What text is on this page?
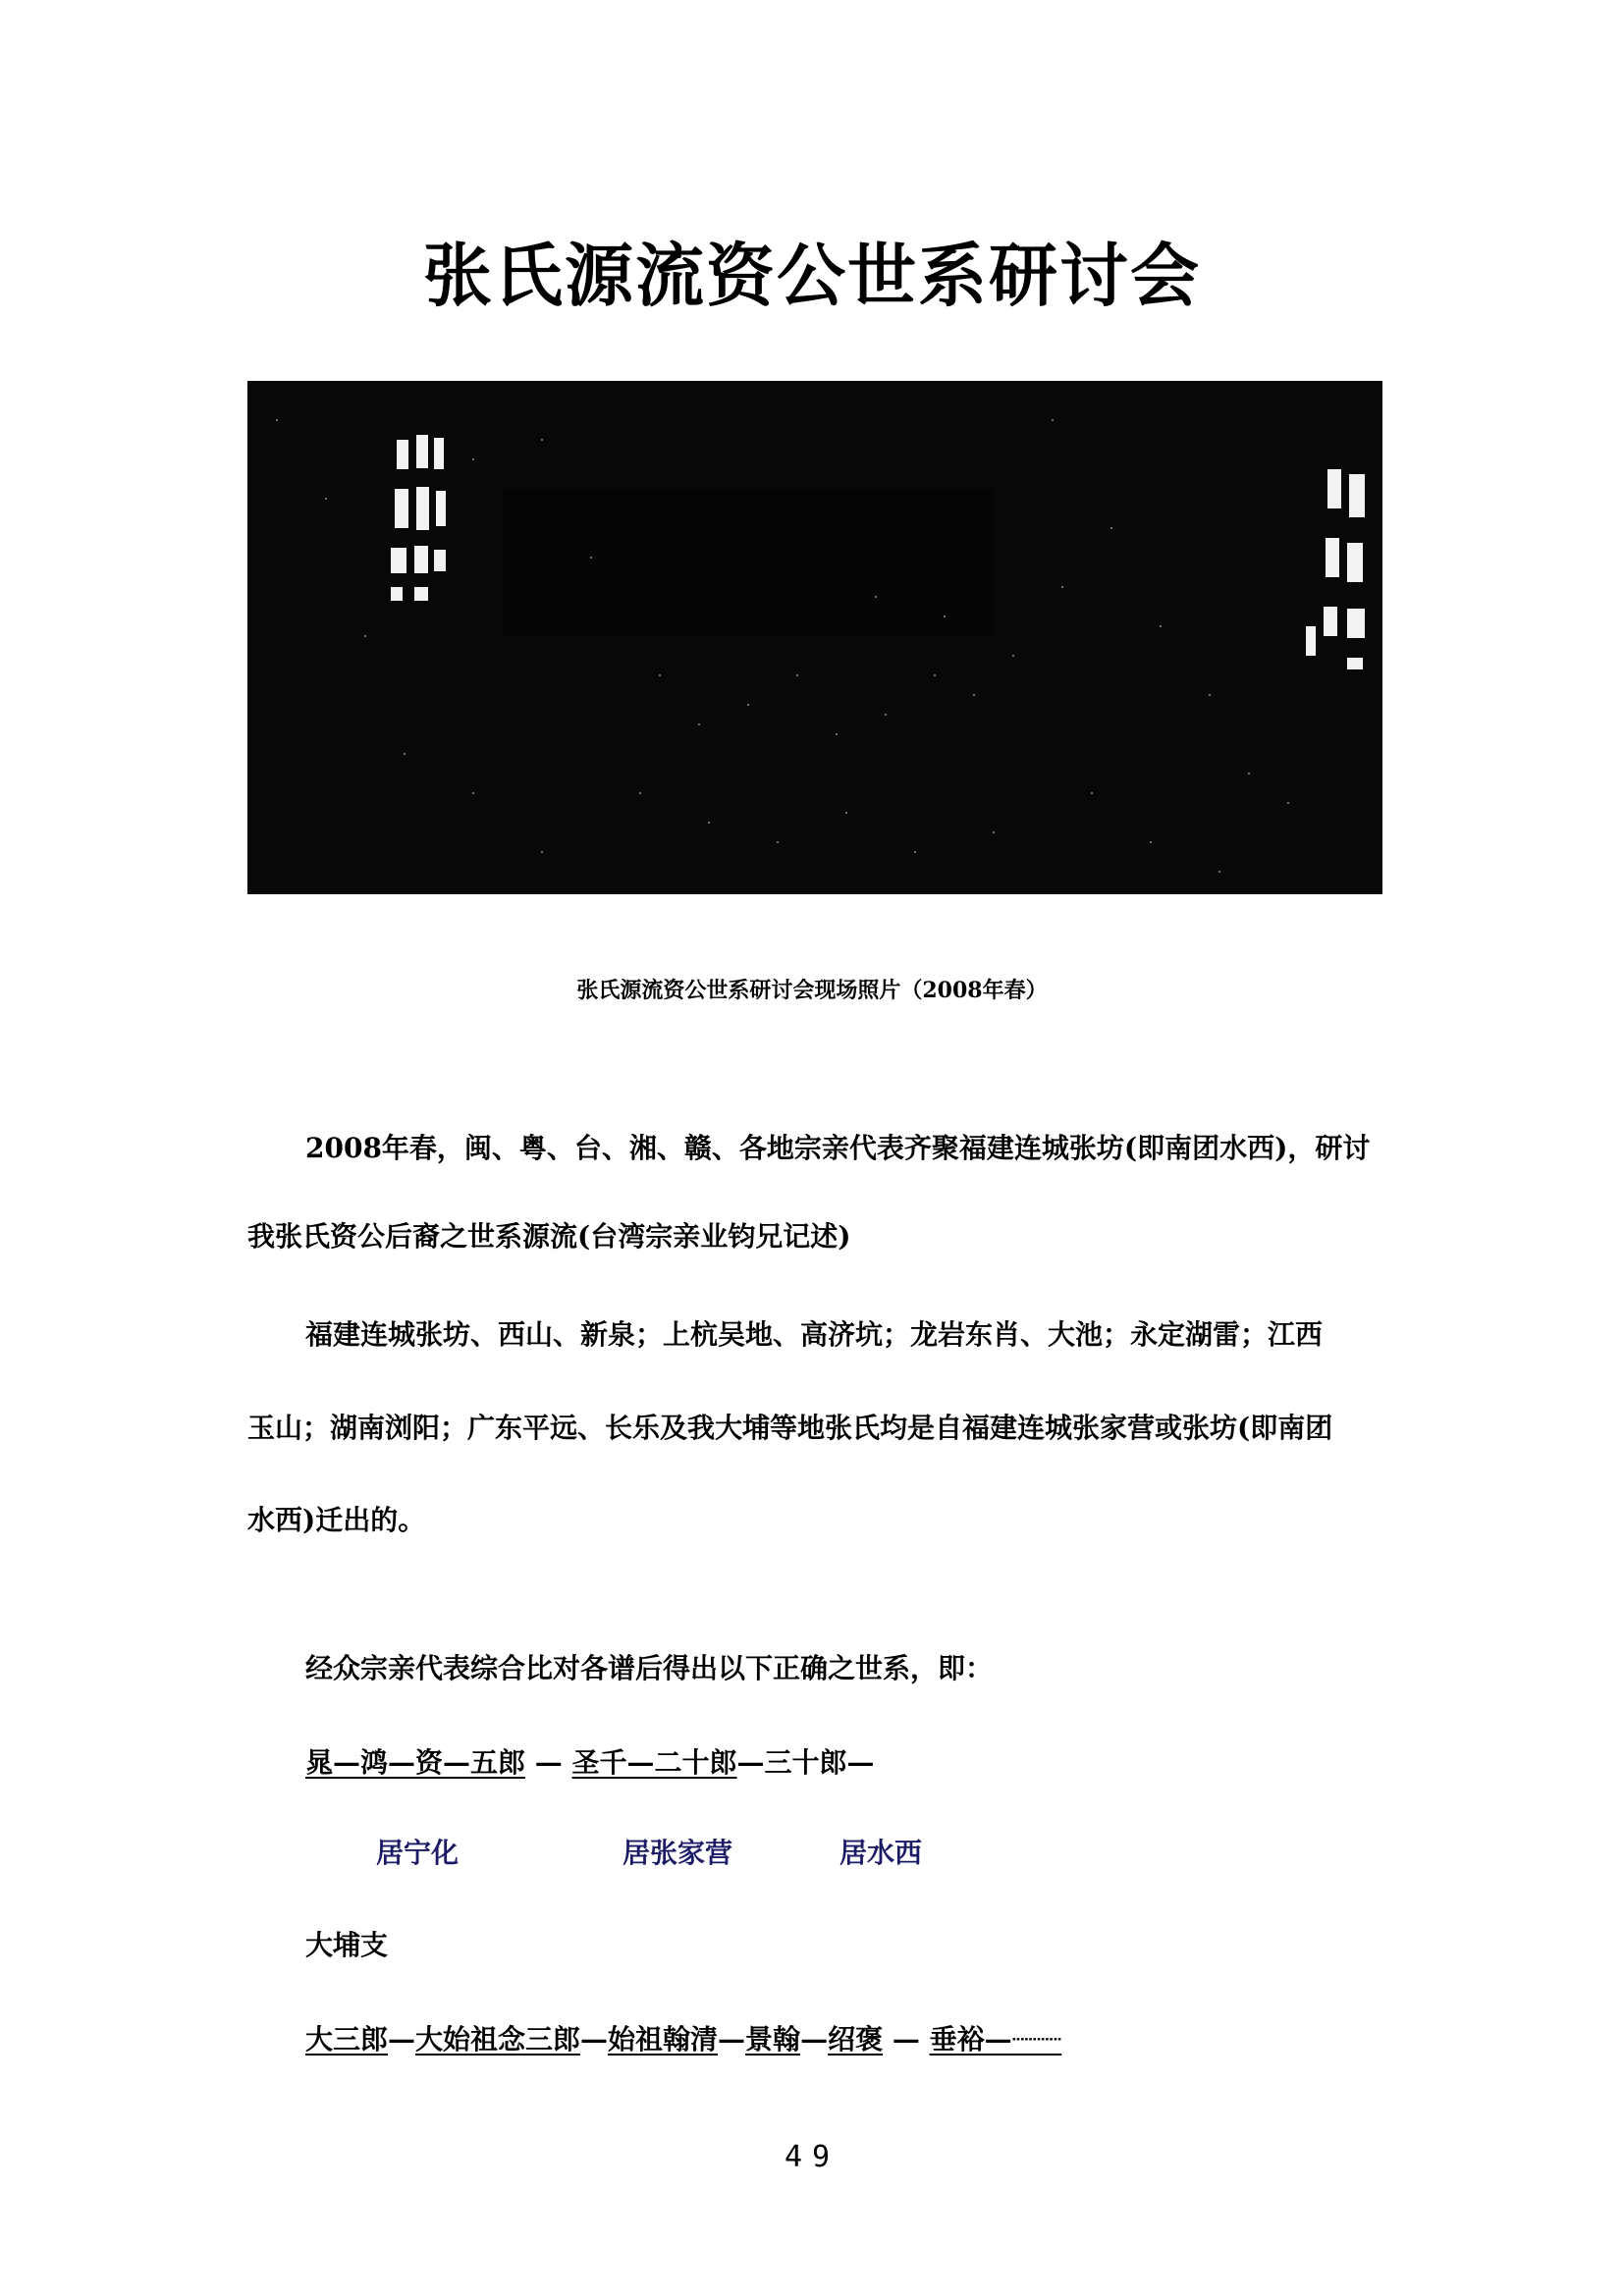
张氏源流资公世系研讨会
张氏源流资公世系研讨会现场照片（2008年春）
2008年春，闽、粤、台、湘、赣、各地宗亲代表齐聚福建连城张坊(即南团水西)，研讨
我张氏资公后裔之世系源流(台湾宗亲业钧兄记述)
福建连城张坊、西山、新泉；上杭吴地、高济坑；龙岩东肖、大池；永定湖雷；江西
玉山；湖南浏阳；广东平远、长乐及我大埔等地张氏均是自福建连城张家营或张坊(即南团
水西)迁出的。
经众宗亲代表综合比对各谱后得出以下正确之世系，即：
晁—鸿—资—五郎 — 圣千—二十郎—三十郎—
居宁化	居张家营	居水西
大埔支
大三郎—大始祖念三郎—始祖翰清—景翰—绍褒 — 垂裕—┈┈┈
49
